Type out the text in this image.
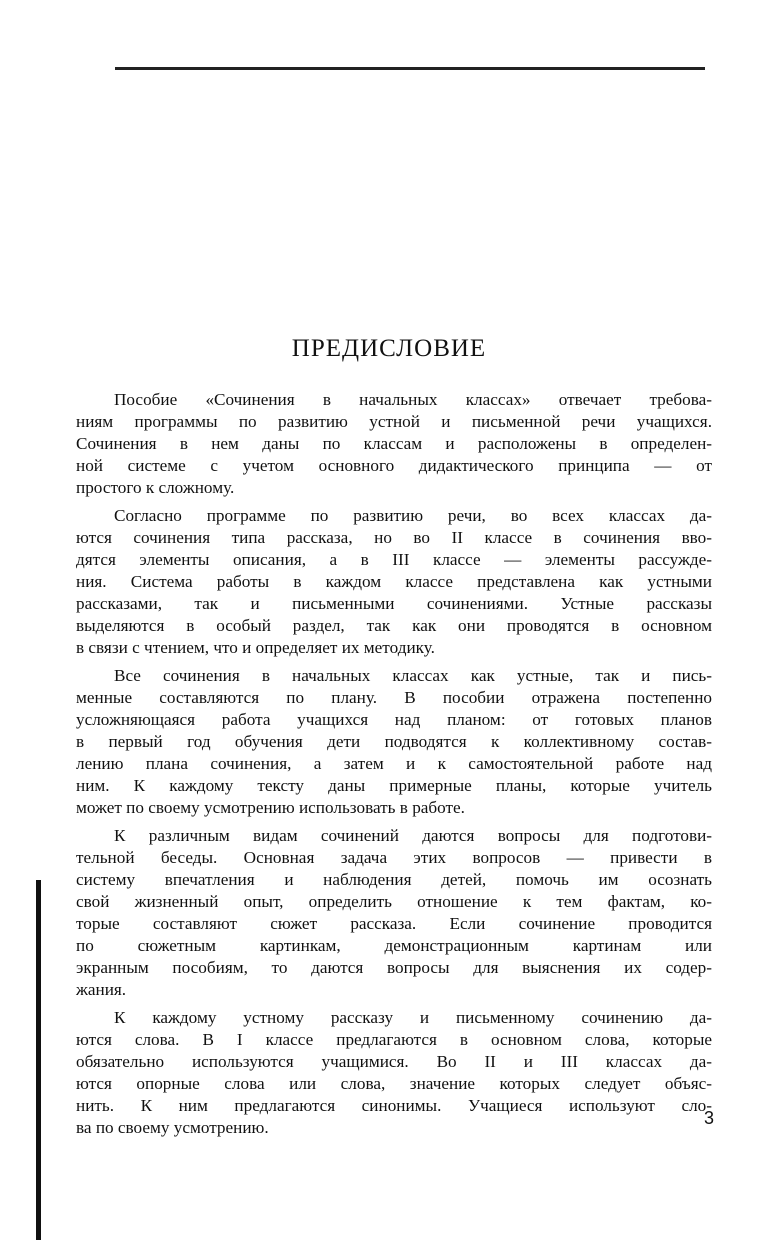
ПРЕДИСЛОВИЕ

Пособие «Сочинения в начальных классах» отвечает требова-
ниям программы по развитию устной и письменной речи учащихся.
Сочинения в нем даны по классам и расположены в определен-
ной системе с учетом основного дидактического принципа — от
простого к сложному.

Согласно программе по развитию речи, во всех классах да-
ются сочинения типа рассказа, но во II классе в сочинения вво-
дятся элементы описания, а в III классе — элементы рассужде-
ния. Система работы в каждом классе представлена как устными
рассказами, так и письменными сочинениями. Устные рассказы
выделяются в особый раздел, так как они проводятся в основном
в связи с чтением, что и определяет их методику.

Все сочинения в начальных классах как устные, так и пись-
менные составляются по плану. В пособии отражена постепенно
усложняющаяся работа учащихся над планом: от готовых планов
в первый год обучения дети подводятся к коллективному состав-
лению плана сочинения, а затем и к самостоятельной работе над
ним. К каждому тексту даны примерные планы, которые учитель
может по своему усмотрению использовать в работе.

К различным видам сочинений даются вопросы для подготови-
тельной беседы. Основная задача этих вопросов — привести в
систему впечатления и наблюдения детей, помочь им осознать
свой жизненный опыт, определить отношение к тем фактам, ко-
торые составляют сюжет рассказа. Если сочинение проводится
по сюжетным картинкам, демонстрационным картинам или
экранным пособиям, то даются вопросы для выяснения их содер-
жания.

К каждому устному рассказу и письменному сочинению да-
ются слова. В I классе предлагаются в основном слова, которые
обязательно используются учащимися. Во II и III классах да-
ются опорные слова или слова, значение которых следует объяс-
нить. К ним предлагаются синонимы. Учащиеся используют сло-
ва по своему усмотрению.	3
